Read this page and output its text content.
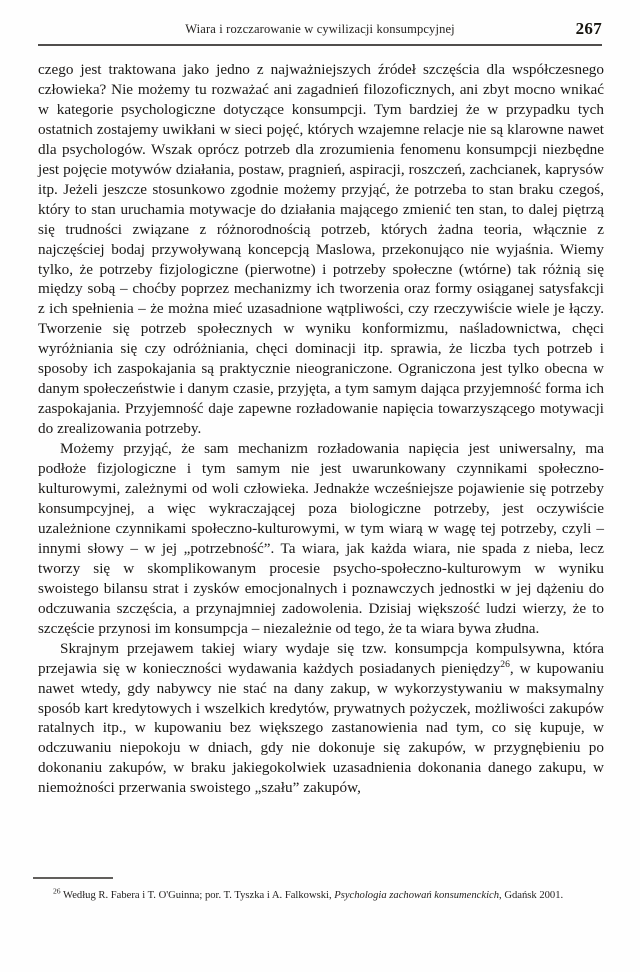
Wiara i rozczarowanie w cywilizacji konsumpcyjnej	267

czego jest traktowana jako jedno z najważniejszych źródeł szczęścia dla współczesnego człowieka? Nie możemy tu rozważać ani zagadnień filozoficznych, ani zbyt mocno wnikać w kategorie psychologiczne dotyczące konsumpcji. Tym bardziej że w przypadku tych ostatnich zostajemy uwikłani w sieci pojęć, których wzajemne relacje nie są klarowne nawet dla psychologów. Wszak oprócz potrzeb dla zrozumienia fenomenu konsumpcji niezbędne jest pojęcie motywów działania, postaw, pragnień, aspiracji, roszczeń, zachcianek, kaprysów itp. Jeżeli jeszcze stosunkowo zgodnie możemy przyjąć, że potrzeba to stan braku czegoś, który to stan uruchamia motywacje do działania mającego zmienić ten stan, to dalej piętrzą się trudności związane z różnorodnością potrzeb, których żadna teoria, włącznie z najczęściej bodaj przywoływaną koncepcją Maslowa, przekonująco nie wyjaśnia. Wiemy tylko, że potrzeby fizjologiczne (pierwotne) i potrzeby społeczne (wtórne) tak różnią się między sobą – choćby poprzez mechanizmy ich tworzenia oraz formy osiąganej satysfakcji z ich spełnienia – że można mieć uzasadnione wątpliwości, czy rzeczywiście wiele je łączy. Tworzenie się potrzeb społecznych w wyniku konformizmu, naśladownictwa, chęci wyróżniania się czy odróżniania, chęci dominacji itp. sprawia, że liczba tych potrzeb i sposoby ich zaspokajania są praktycznie nieograniczone. Ograniczona jest tylko obecna w danym społeczeństwie i danym czasie, przyjęta, a tym samym dająca przyjemność forma ich zaspokajania. Przyjemność daje zapewne rozładowanie napięcia towarzyszącego motywacji do zrealizowania potrzeby.

Możemy przyjąć, że sam mechanizm rozładowania napięcia jest uniwersalny, ma podłoże fizjologiczne i tym samym nie jest uwarunkowany czynnikami społeczno-kulturowymi, zależnymi od woli człowieka. Jednakże wcześniejsze pojawienie się potrzeby konsumpcyjnej, a więc wykraczającej poza biologiczne potrzeby, jest oczywiście uzależnione czynnikami społeczno-kulturowymi, w tym wiarą w wagę tej potrzeby, czyli – innymi słowy – w jej „potrzebność”. Ta wiara, jak każda wiara, nie spada z nieba, lecz tworzy się w skomplikowanym procesie psycho-społeczno-kulturowym w wyniku swoistego bilansu strat i zysków emocjonalnych i poznawczych jednostki w jej dążeniu do odczuwania szczęścia, a przynajmniej zadowolenia. Dzisiaj większość ludzi wierzy, że to szczęście przynosi im konsumpcja – niezależnie od tego, że ta wiara bywa złudna.

Skrajnym przejawem takiej wiary wydaje się tzw. konsumpcja kompulsywna, która przejawia się w konieczności wydawania każdych posiadanych pieniędzy$^{26}$, w kupowaniu nawet wtedy, gdy nabywcy nie stać na dany zakup, w wykorzystywaniu w maksymalny sposób kart kredytowych i wszelkich kredytów, prywatnych pożyczek, możliwości zakupów ratalnych itp., w kupowaniu bez większego zastanowienia nad tym, co się kupuje, w odczuwaniu niepokoju w dniach, gdy nie dokonuje się zakupów, w przygnębieniu po dokonaniu zakupów, w braku jakiegokolwiek uzasadnienia dokonania danego zakupu, w niemożności przerwania swoistego „szału” zakupów,

$^{26}$ Według R. Fabera i T. O'Guinna; por. T. Tyszka i A. Falkowski, Psychologia zachowań konsumenckich, Gdańsk 2001.
